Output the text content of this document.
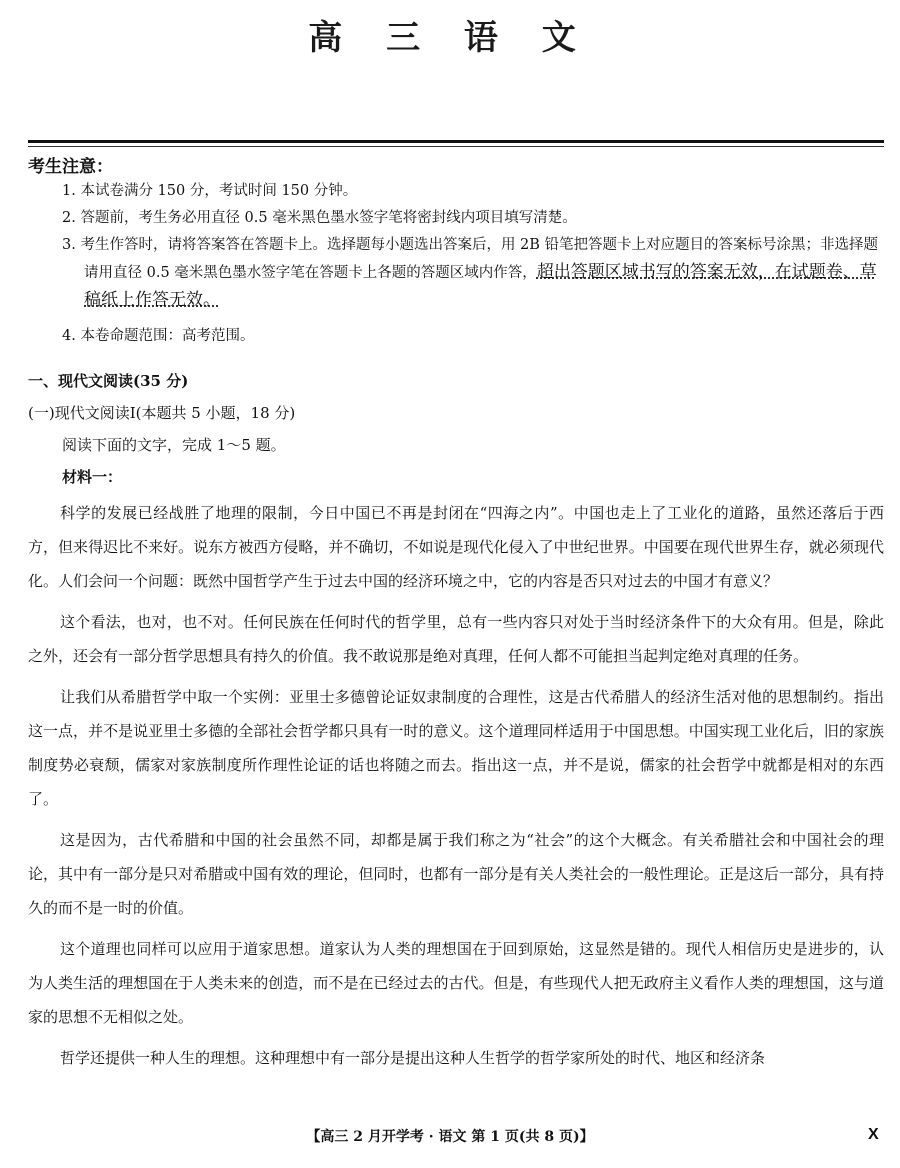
高 三 语 文
考生注意：
1. 本试卷满分 150 分，考试时间 150 分钟。
2. 答题前，考生务必用直径 0.5 毫米黑色墨水签字笔将密封线内项目填写清楚。
3. 考生作答时，请将答案答在答题卡上。选择题每小题选出答案后，用 2B 铅笔把答题卡上对应题目的答案标号涂黑；非选择题请用直径 0.5 毫米黑色墨水签字笔在答题卡上各题的答题区域内作答，超出答题区域书写的答案无效，在试题卷、草稿纸上作答无效。
4. 本卷命题范围：高考范围。
一、现代文阅读(35 分)
(一)现代文阅读Ⅰ(本题共 5 小题，18 分)
阅读下面的文字，完成 1～5 题。
材料一：

科学的发展已经战胜了地理的限制，今日中国已不再是封闭在“四海之内”。中国也走上了工业化的道路，虽然还落后于西方，但来得迟比不来好。说东方被西方侵略，并不确切，不如说是现代化侵入了中世纪世界。中国要在现代世界生存，就必须现代化。人们会问一个问题：既然中国哲学产生于过去中国的经济环境之中，它的内容是否只对过去的中国才有意义？

这个看法，也对，也不对。任何民族在任何时代的哲学里，总有一些内容只对处于当时经济条件下的大众有用。但是，除此之外，还会有一部分哲学思想具有持久的价值。我不敢说那是绝对真理，任何人都不可能担当起判定绝对真理的任务。

让我们从希腊哲学中取一个实例：亚里士多德曾论证奴隶制度的合理性，这是古代希腊人的经济生活对他的思想制约。指出这一点，并不是说亚里士多德的全部社会哲学都只具有一时的意义。这个道理同样适用于中国思想。中国实现工业化后，旧的家族制度势必衰颓，儒家对家族制度所作理性论证的话也将随之而去。指出这一点，并不是说，儒家的社会哲学中就都是相对的东西了。

这是因为，古代希腊和中国的社会虽然不同，却都是属于我们称之为“社会”的这个大概念。有关希腊社会和中国社会的理论，其中有一部分是只对希腊或中国有效的理论，但同时，也都有一部分是有关人类社会的一般性理论。正是这后一部分，具有持久的而不是一时的价值。

这个道理也同样可以应用于道家思想。道家认为人类的理想国在于回到原始，这显然是错的。现代人相信历史是进步的，认为人类生活的理想国在于人类未来的创造，而不是在已经过去的古代。但是，有些现代人把无政府主义看作人类的理想国，这与道家的思想不无相似之处。

哲学还提供一种人生的理想。这种理想中有一部分是提出这种人生哲学的哲学家所处的时代、地区和经济条

【高三 2 月开学考 · 语文 第 1 页(共 8 页)】	X
